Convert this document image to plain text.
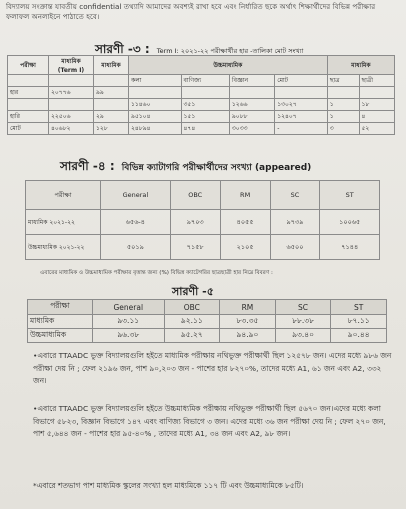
বিদ্যালয় সংক্রান্ত যাবতীয় confidential তথ্যাদি আমাদের অবশ্যই রাখা হবে এবং নির্ধারিত ছকে অর্থাৎ শিক্ষার্থীদের বিভিন্ন পরীক্ষার ফলাফল অনলাইনে পাঠাতে হবে।
সারণী -৩ : Term I: ২০২১-২২ পরীক্ষার্থীর হার -তালিকা মোট সংখ্যা
পরীক্ষা	মাধ্যমিক (Term I)	মাধ্যমিক	উচ্চমাধ্যমিক				মাধ্যমিক	
			কলা	বাণিজ্য	বিজ্ঞান	মোট	ছাত্র	ছাত্রী
হার	২০৭৭৬	৯৯						
			১১৪৬০	৩৫১	১২৬৬	১৩০২৭	১	১৮
হারি	২২৫০৬	২৯	৯৫১০৪	১৫১	৯০৮৮	১২৪০৭	১	৪
মোট	৪০৬৮২	১২৮	২৪৮৯৪	৪৭৪	৩০৩৩	-	৩	৫২
সারণী -৪ : বিভিন্ন ক্যাটাগরি পরীক্ষার্থীদের সংখ্যা (appeared)
পরীক্ষা	General	OBC	RM	SC	ST
মাধ্যমিক ২০২১-২২	৬৫৬-৪	৯৭০৩	৪০৫৫	৯৭৩৯	১০০৬৫
উচ্চমাধ্যমিক ২০২১-২২	৫০১৯	৭১৫৮	২১০৫	৬৫০০	৭১৪৪
এবারের মাধ্যমিক ও উচ্চমাধ্যমিক পরীক্ষার বৃত্তান্ত জন্য (%) বিভিন্ন ক্যাটেগরির ছাত্রছাত্রী হার নিম্নে বিবরণ :
সারণী -৫
পরীক্ষা	General	OBC	RM	SC	ST
মাধ্যমিক	৯৩.১১	৯২.১১	৮৩.৩৫	৮৮.৩৮	৮৭.১১
উচ্চমাধ্যমিক	৯৬.৩৮	৯৫.২৭	৯৪.৯০	৯৩.৪০	৯০.৪৪
•এবারে TTAADC ভুক্ত বিদ্যালয়গুলি হইতে মাধ্যমিক পরীক্ষায় নথিভুক্ত পরীক্ষার্থী ছিল ১২৫৭৮ জন। এদের মধ্যে ৯৮৬ জন পরীক্ষা দেয় নি ; ফেল ২১৯৬ জন, পাশ ৯০,২০৩ জন - পাশের হার ৮২৭০%, তাদের মধ্যে A1, ৬১ জন এবং A2, ৩৩২ জন।
•এবারে TTAADC ভুক্ত বিদ্যালয়গুলি হইতে উচ্চমাধ্যমিক পরীক্ষায় নথিভুক্ত পরীক্ষার্থী ছিল ৫৬৭০ জন।এদের মধ্যে কলা বিভাগে ৫৮২৩, বিজ্ঞান বিভাগে ১৪৭ এবং বাণিজ্য বিভাগে ৩ জন। এদের মধ্যে ৩৬ জন পরীক্ষা দেয় নি ; ফেল ২৭০ জন, পাশ ৫,৬৪৪ জন - পাশের হার ৯৫-৪০% , তাদের মধ্যে A1, ৩৪ জন এবং A2, ৯৮ জন।
*এবারে শতভাগ পাশ মাধ্যমিক স্কুলের সংখ্যা হল মাধ্যমিকে ১১৭ টি এবং উচ্চমাধ্যমিকে ৮৫টি।
